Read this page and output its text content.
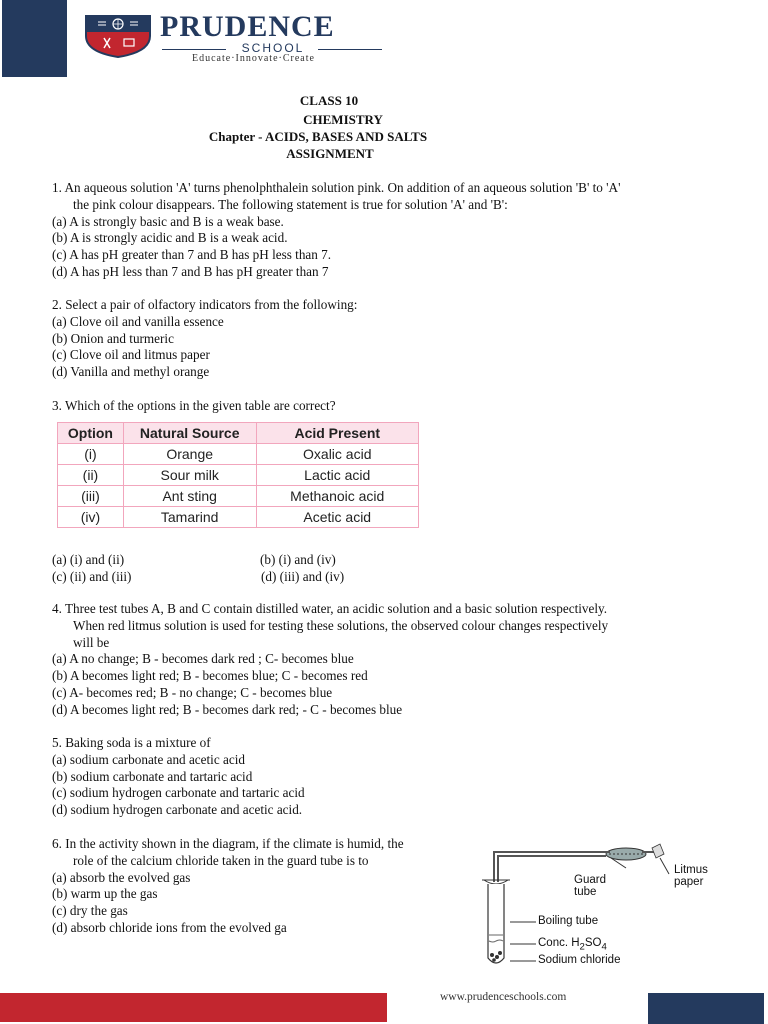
PRUDENCE
SCHOOL
Educate·Innovate·Create
CLASS 10
CHEMISTRY
Chapter - ACIDS, BASES AND SALTS
ASSIGNMENT

1. An aqueous solution 'A' turns phenolphthalein solution pink. On addition of an aqueous solution 'B' to 'A'

the pink colour disappears. The following statement is true for solution 'A' and 'B':

(a) A is strongly basic and B is a weak base.

(b) A is strongly acidic and B is a weak acid.

(c) A has pH greater than 7 and B has pH less than 7.

(d) A has pH less than 7 and B has pH greater than 7

2. Select a pair of olfactory indicators from the following:

(a) Clove oil and vanilla essence

(b) Onion and turmeric

(c) Clove oil and litmus paper

(d) Vanilla and methyl orange

3. Which of the options in the given table are correct?

Option	Natural Source	Acid Present
(i)	Orange	Oxalic acid
(ii)	Sour milk	Lactic acid
(iii)	Ant sting	Methanoic acid
(iv)	Tamarind	Acetic acid
(a) (i) and (ii)	(b) (i) and (iv)
(c) (ii) and (iii)	(d) (iii) and (iv)

4. Three test tubes A, B and C contain distilled water, an acidic solution and a basic solution respectively.

When red litmus solution is used for testing these solutions, the observed colour changes respectively

will be

(a) A no change; B - becomes dark red ; C- becomes blue

(b) A becomes light red; B - becomes blue; C - becomes red

(c) A- becomes red; B - no change; C - becomes blue

(d) A becomes light red; B - becomes dark red; - C - becomes blue

5. Baking soda is a mixture of

(a) sodium carbonate and acetic acid

(b) sodium carbonate and tartaric acid

(c) sodium hydrogen carbonate and tartaric acid

(d) sodium hydrogen carbonate and acetic acid.

6. In the activity shown in the diagram, if the climate is humid, the

role of the calcium chloride taken in the guard tube is to

(a) absorb the evolved gas

(b) warm up the gas

(c) dry the gas

(d) absorb chloride ions from the evolved ga

Guard
tube
Litmus
paper
Boiling tube
Conc. $H_2SO_4$
Sodium chloride
www.prudenceschools.com
